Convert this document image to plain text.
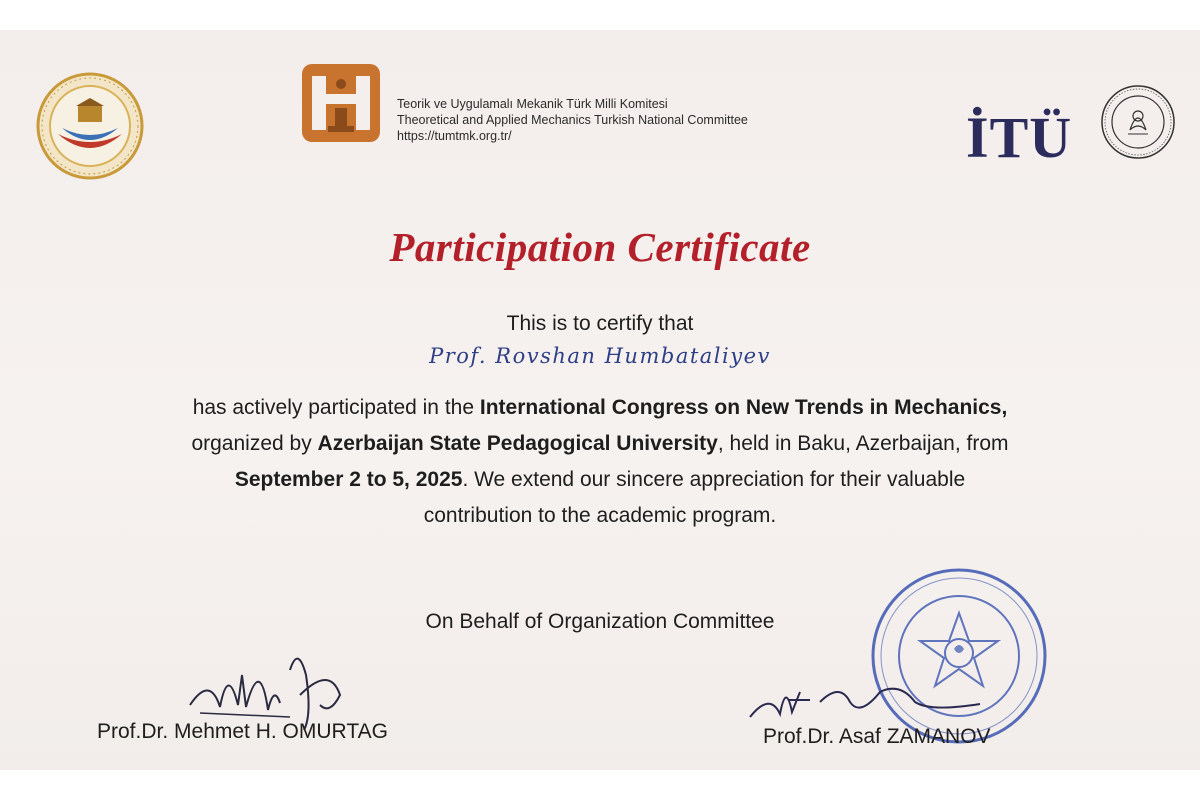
Teorik ve Uygulamalı Mekanik Türk Milli Komitesi
Theoretical and Applied Mechanics Turkish National Committee
https://tumtmk.org.tr/	İTÜ
Participation Certificate
This is to certify that
Prof. Rovshan Humbataliyev
has actively participated in the International Congress on New Trends in Mechanics,
organized by Azerbaijan State Pedagogical University, held in Baku, Azerbaijan, from
September 2 to 5, 2025. We extend our sincere appreciation for their valuable
contribution to the academic program.
On Behalf of Organization Committee
Prof.Dr. Mehmet H. OMURTAG	Prof.Dr. Asaf ZAMANOV
